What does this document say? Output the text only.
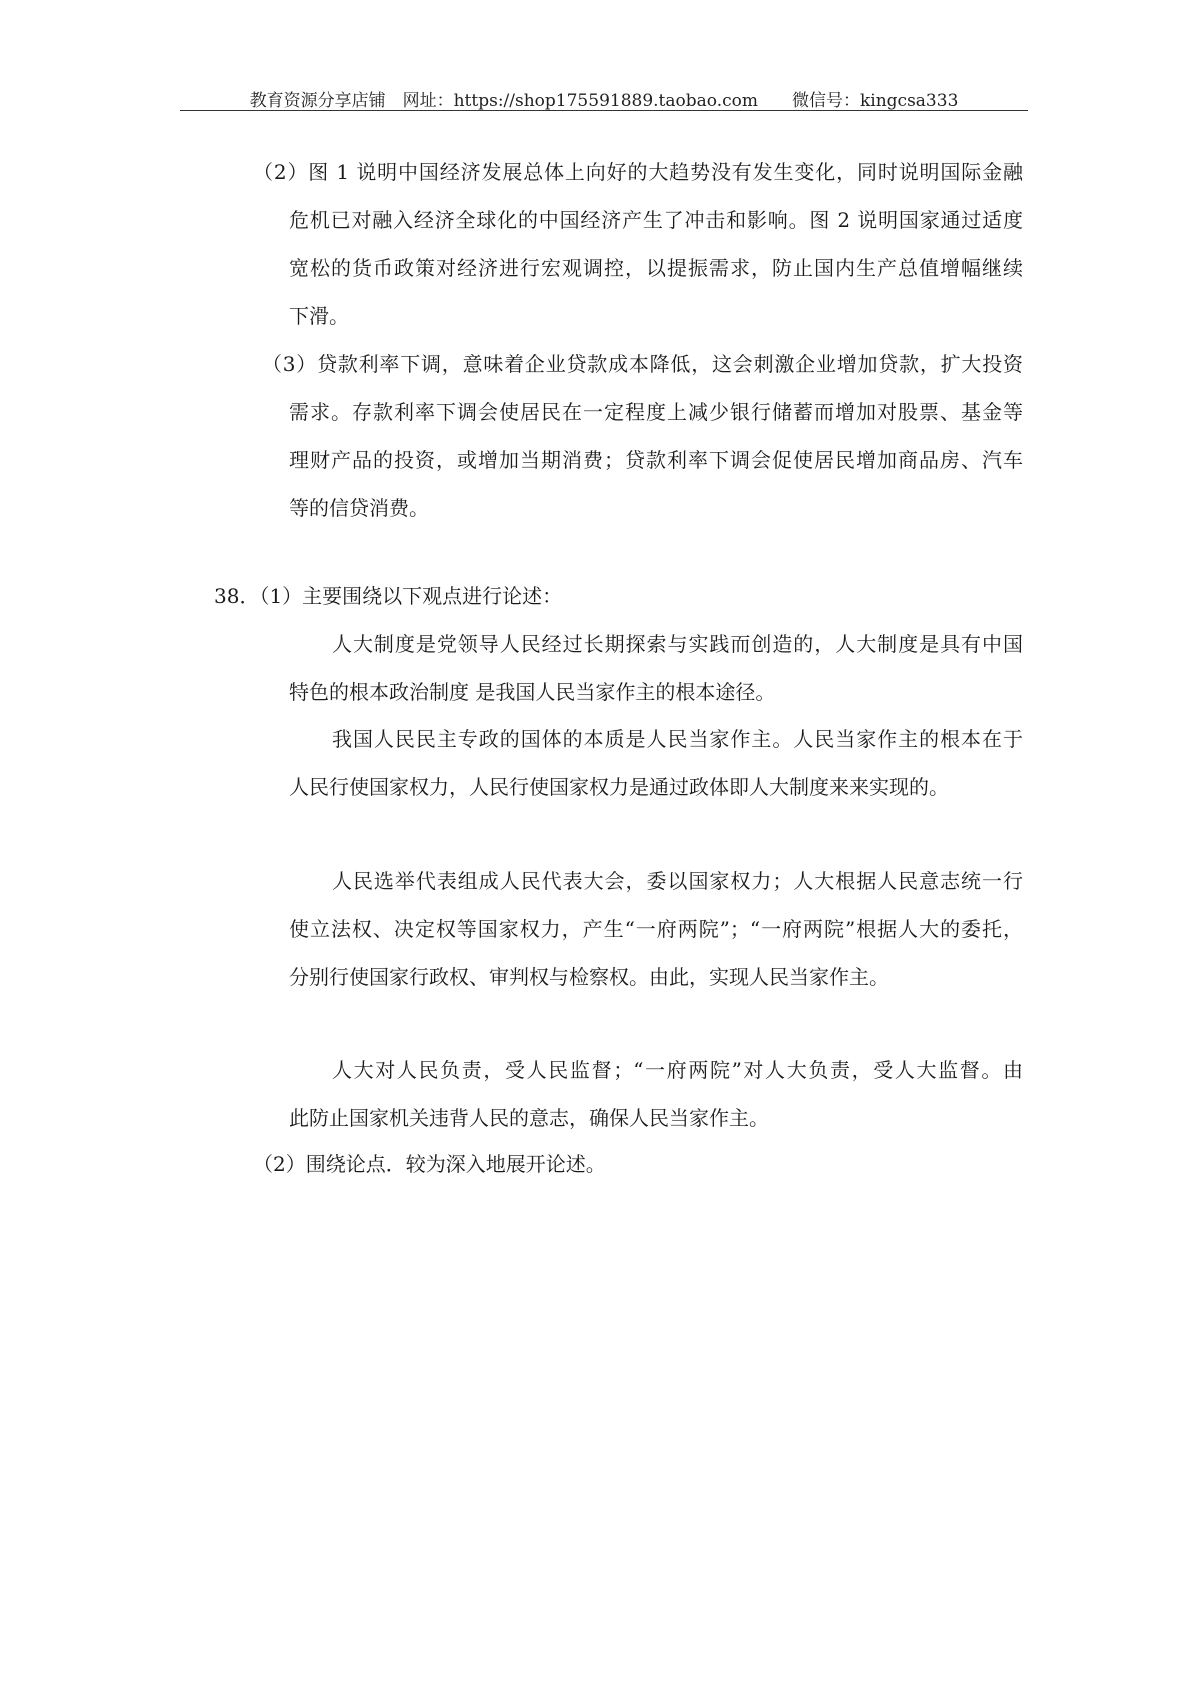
教育资源分享店铺　网址：https://shop175591889.taobao.com　　微信号：kingcsa333
（2）图 1 说明中国经济发展总体上向好的大趋势没有发生变化，同时说明国际金融
危机已对融入经济全球化的中国经济产生了冲击和影响。图 2 说明国家通过适度
宽松的货币政策对经济进行宏观调控，以提振需求，防止国内生产总值增幅继续
下滑。
（3）贷款利率下调，意味着企业贷款成本降低，这会刺激企业增加贷款，扩大投资
需求。存款利率下调会使居民在一定程度上减少银行储蓄而增加对股票、基金等
理财产品的投资，或增加当期消费；贷款利率下调会促使居民增加商品房、汽车
等的信贷消费。
38．（1）主要围绕以下观点进行论述：
人大制度是党领导人民经过长期探索与实践而创造的，人大制度是具有中国
特色的根本政治制度 是我国人民当家作主的根本途径。
我国人民民主专政的国体的本质是人民当家作主。人民当家作主的根本在于
人民行使国家权力，人民行使国家权力是通过政体即人大制度来来实现的。
人民选举代表组成人民代表大会，委以国家权力；人大根据人民意志统一行
使立法权、决定权等国家权力，产生“一府两院”；“一府两院”根据人大的委托，
分别行使国家行政权、审判权与检察权。由此，实现人民当家作主。
人大对人民负责，受人民监督；“一府两院”对人大负责，受人大监督。由
此防止国家机关违背人民的意志，确保人民当家作主。
（2）围绕论点．较为深入地展开论述。
